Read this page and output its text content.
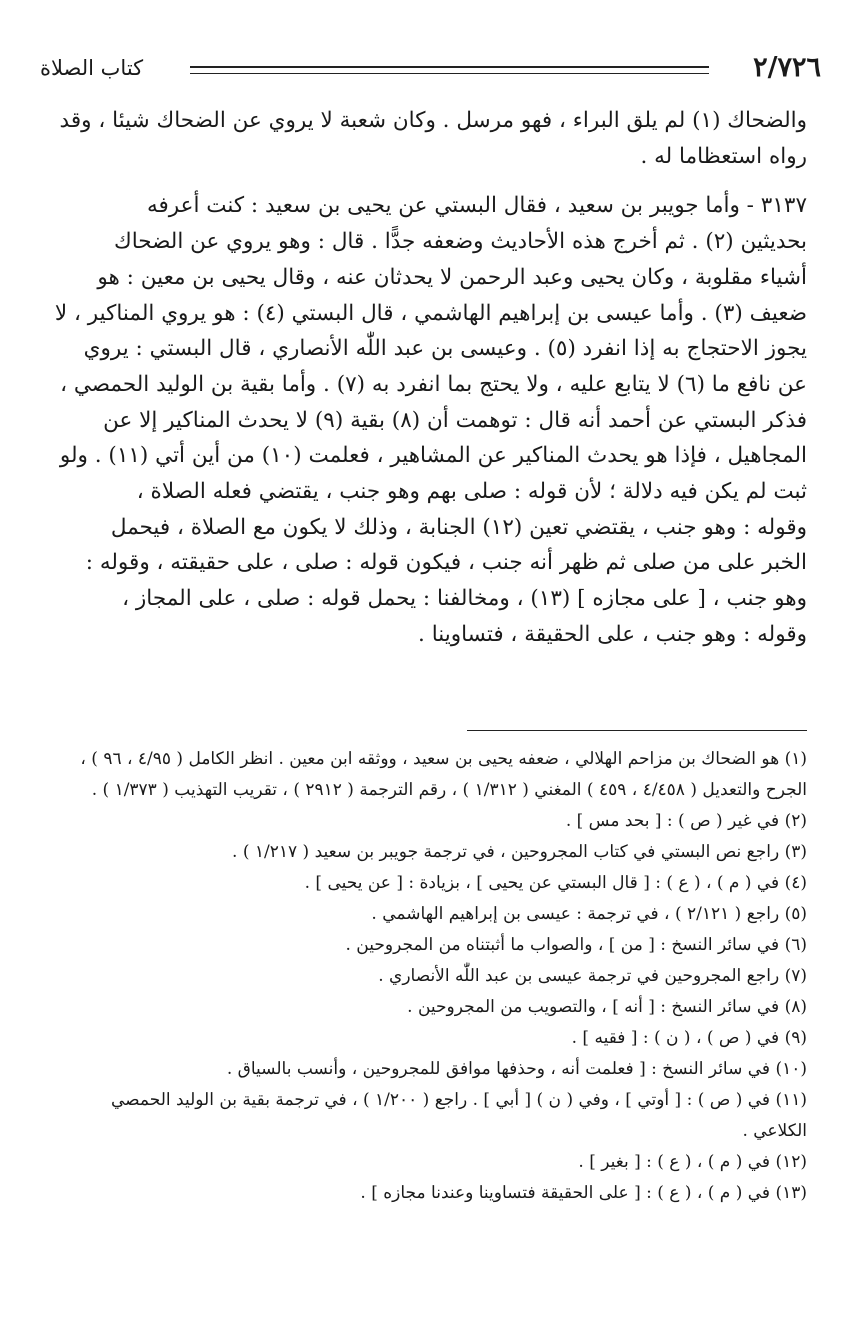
٢/٧٢٦
كتاب الصلاة

والضحاك (١) لم يلق البراء ، فهو مرسل . وكان شعبة لا يروي عن الضحاك شيئا ، وقد
رواه استعظاما له .

٣١٣٧ - وأما جويبر بن سعيد ، فقال البستي عن يحيى بن سعيد : كنت أعرفه
بحديثين (٢) . ثم أخرج هذه الأحاديث وضعفه جدًّا . قال : وهو يروي عن الضحاك
أشياء مقلوبة ، وكان يحيى وعبد الرحمن لا يحدثان عنه ، وقال يحيى بن معين : هو
ضعيف (٣) . وأما عيسى بن إبراهيم الهاشمي ، قال البستي (٤) : هو يروي المناكير ، لا
يجوز الاحتجاج به إذا انفرد (٥) . وعيسى بن عبد اللّٰه الأنصاري ، قال البستي : يروي
عن نافع ما (٦) لا يتابع عليه ، ولا يحتج بما انفرد به (٧) . وأما بقية بن الوليد الحمصي ،
فذكر البستي عن أحمد أنه قال : توهمت أن (٨) بقية (٩) لا يحدث المناكير إلا عن
المجاهيل ، فإذا هو يحدث المناكير عن المشاهير ، فعلمت (١٠) من أين أتي (١١) . ولو
ثبت لم يكن فيه دلالة ؛ لأن قوله : صلى بهم وهو جنب ، يقتضي فعله الصلاة ،
وقوله : وهو جنب ، يقتضي تعين (١٢) الجنابة ، وذلك لا يكون مع الصلاة ، فيحمل
الخبر على من صلى ثم ظهر أنه جنب ، فيكون قوله : صلى ، على حقيقته ، وقوله :
وهو جنب ، [ على مجازه ] (١٣) ، ومخالفنا : يحمل قوله : صلى ، على المجاز ،
وقوله : وهو جنب ، على الحقيقة ، فتساوينا .

(١) هو الضحاك بن مزاحم الهلالي ، ضعفه يحيى بن سعيد ، ووثقه ابن معين . انظر الكامل ( ٤/٩٥ ، ٩٦ ) ،
الجرح والتعديل ( ٤/٤٥٨ ، ٤٥٩ ) المغني ( ١/٣١٢ ) ، رقم الترجمة ( ٢٩١٢ ) ، تقريب التهذيب ( ١/٣٧٣ ) .
(٢) في غير ( ص ) : [ بحد مس ] .
(٣) راجع نص البستي في كتاب المجروحين ، في ترجمة جويبر بن سعيد ( ١/٢١٧ ) .
(٤) في ( م ) ، ( ع ) : [ قال البستي عن يحيى ] ، بزيادة : [ عن يحيى ] .
(٥) راجع ( ٢/١٢١ ) ، في ترجمة : عيسى بن إبراهيم الهاشمي .
(٦) في سائر النسخ : [ من ] ، والصواب ما أثبتناه من المجروحين .
(٧) راجع المجروحين في ترجمة عيسى بن عبد اللّٰه الأنصاري .
(٨) في سائر النسخ : [ أنه ] ، والتصويب من المجروحين .
(٩) في ( ص ) ، ( ن ) : [ فقيه ] .
(١٠) في سائر النسخ : [ فعلمت أنه ، وحذفها موافق للمجروحين ، وأنسب بالسياق .
(١١) في ( ص ) : [ أوتي ] ، وفي ( ن ) [ أبي ] . راجع ( ١/٢٠٠ ) ، في ترجمة بقية بن الوليد الحمصي
الكلاعي .
(١٢) في ( م ) ، ( ع ) : [ بغير ] .
(١٣) في ( م ) ، ( ع ) : [ على الحقيقة فتساوينا وعندنا مجازه ] .
